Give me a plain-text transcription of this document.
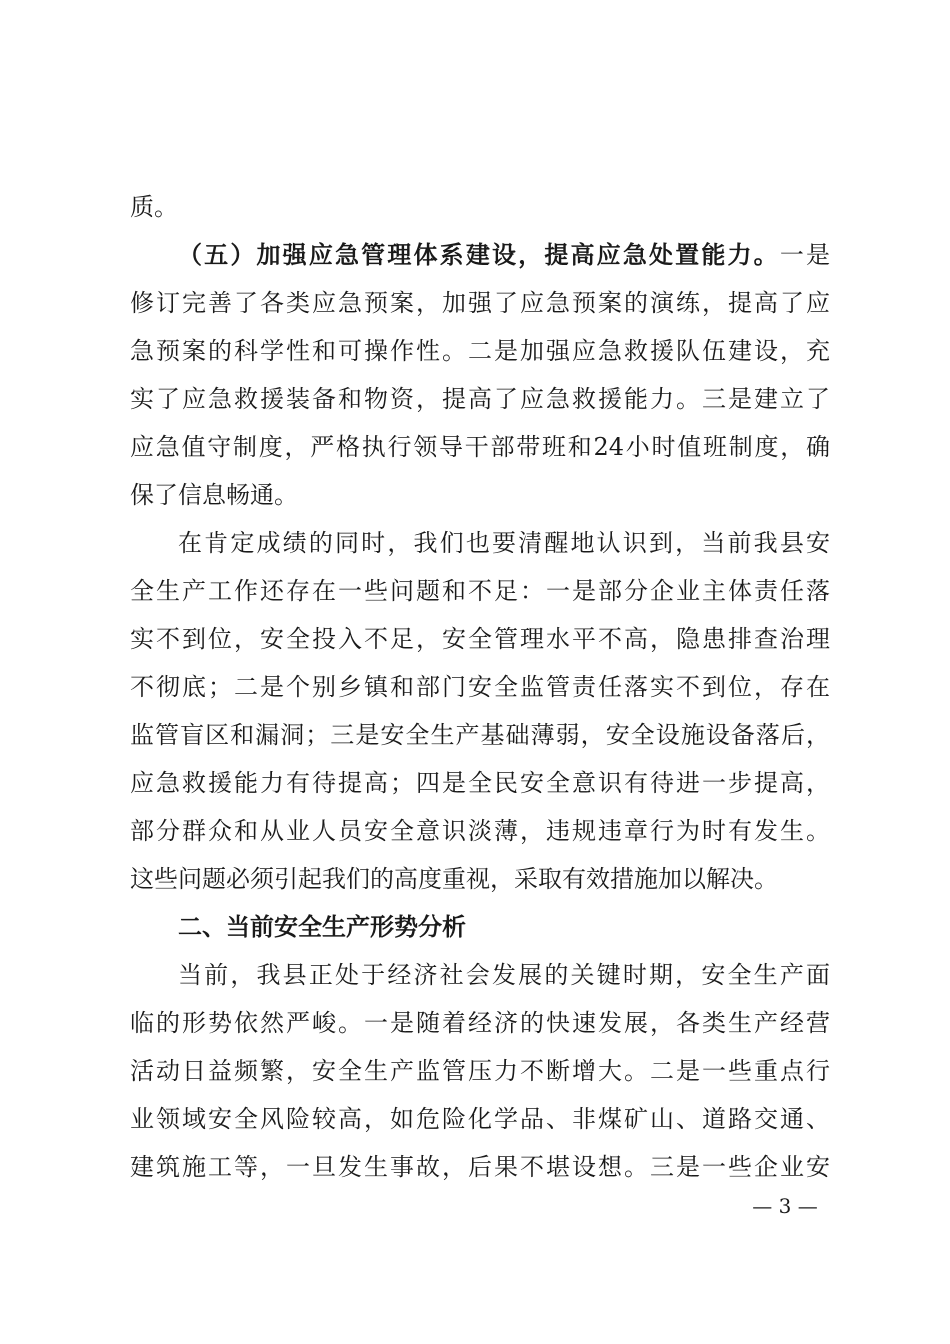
质。
（五）加强应急管理体系建设，提高应急处置能力。一是
修订完善了各类应急预案，加强了应急预案的演练，提高了应
急预案的科学性和可操作性。二是加强应急救援队伍建设，充
实了应急救援装备和物资，提高了应急救援能力。三是建立了
应急值守制度，严格执行领导干部带班和24小时值班制度，确
保了信息畅通。
在肯定成绩的同时，我们也要清醒地认识到，当前我县安
全生产工作还存在一些问题和不足：一是部分企业主体责任落
实不到位，安全投入不足，安全管理水平不高，隐患排查治理
不彻底；二是个别乡镇和部门安全监管责任落实不到位，存在
监管盲区和漏洞；三是安全生产基础薄弱，安全设施设备落后，
应急救援能力有待提高；四是全民安全意识有待进一步提高，
部分群众和从业人员安全意识淡薄，违规违章行为时有发生。
这些问题必须引起我们的高度重视，采取有效措施加以解决。
二、当前安全生产形势分析
当前，我县正处于经济社会发展的关键时期，安全生产面
临的形势依然严峻。一是随着经济的快速发展，各类生产经营
活动日益频繁，安全生产监管压力不断增大。二是一些重点行
业领域安全风险较高，如危险化学品、非煤矿山、道路交通、
建筑施工等，一旦发生事故，后果不堪设想。三是一些企业安
— 3 —
